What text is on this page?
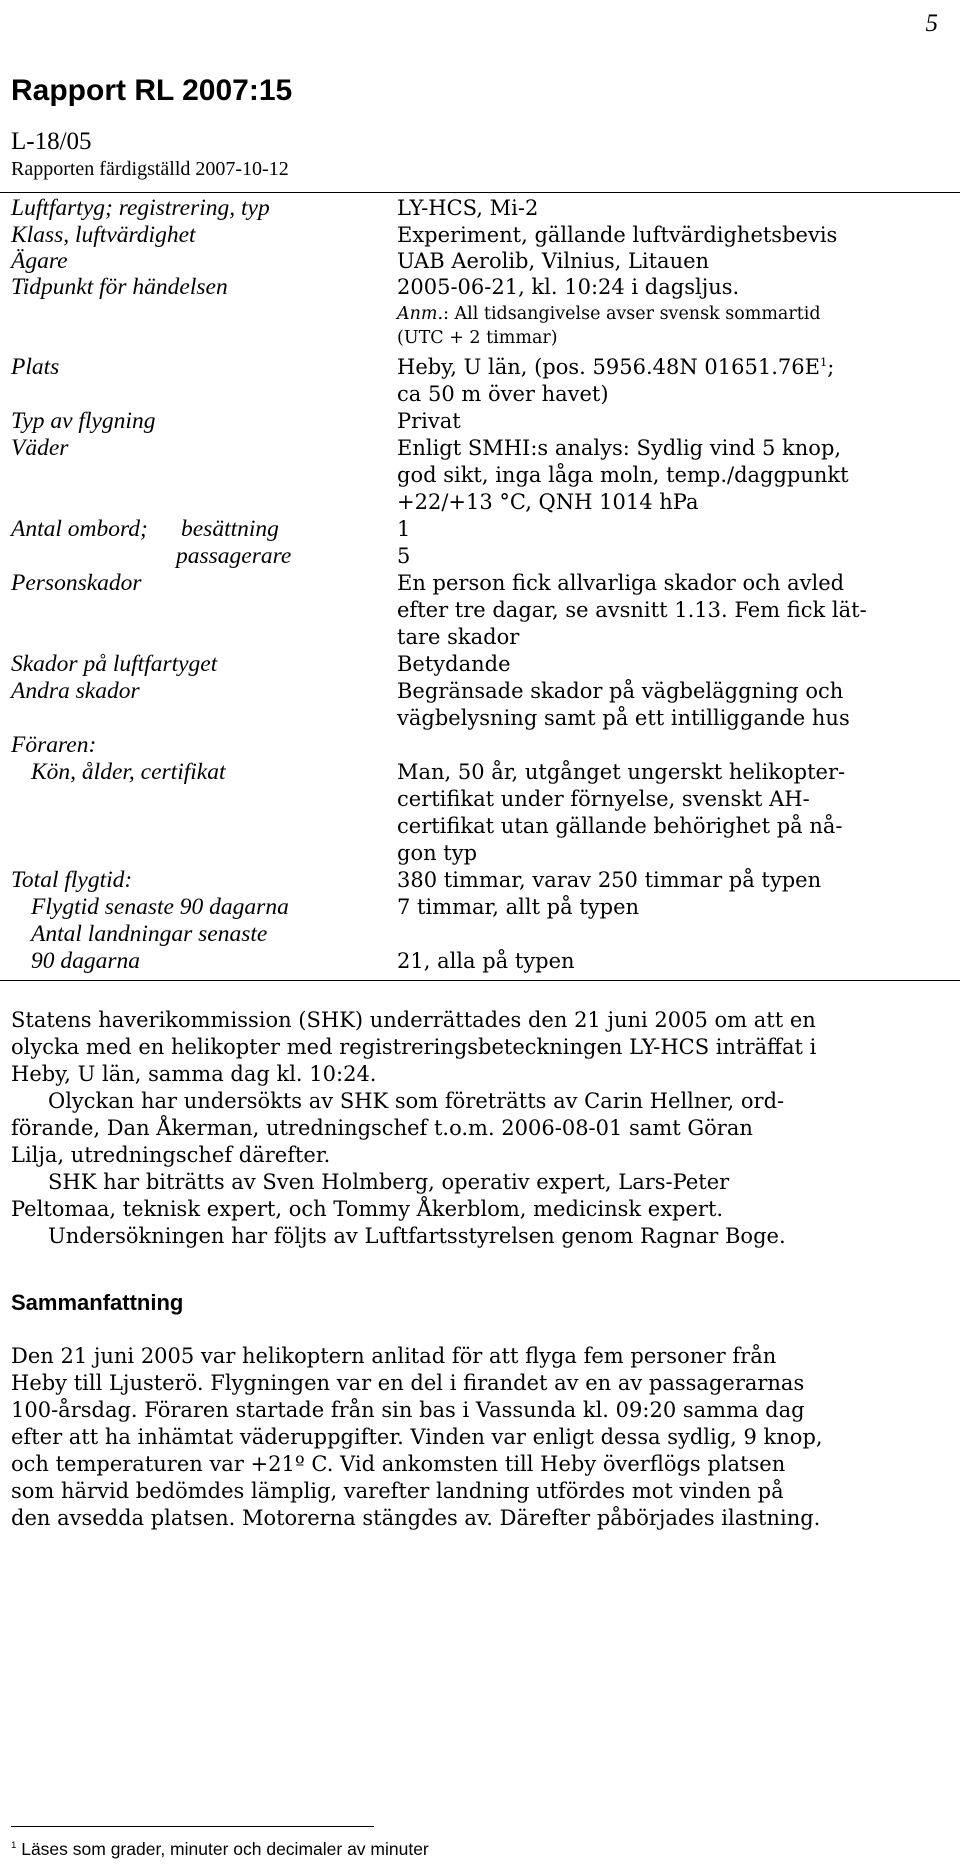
5
Rapport RL 2007:15
L-18/05
Rapporten färdigställd 2007-10-12
Luftfartyg; registrering, typ	LY-HCS, Mi-2
Klass, luftvärdighet	Experiment, gällande luftvärdighetsbevis
Ägare	UAB Aerolib, Vilnius, Litauen
Tidpunkt för händelsen	2005-06-21, kl. 10:24 i dagsljus.
Anm.: All tidsangivelse avser svensk sommartid
(UTC + 2 timmar)
Plats	Heby, U län, (pos. 5956.48N $01651.76E^1$;
ca 50 m över havet)
Typ av flygning	Privat
Väder	Enligt SMHI:s analys: Sydlig vind 5 knop,
god sikt, inga låga moln, temp./daggpunkt
+22/+13 °C, QNH 1014 hPa
Antal ombord; besättning	1
passagerare	5
Personskador	En person fick allvarliga skador och avled
efter tre dagar, se avsnitt 1.13. Fem fick lät-
tare skador
Skador på luftfartyget	Betydande
Andra skador	Begränsade skador på vägbeläggning och
vägbelysning samt på ett intilliggande hus
Föraren:
Kön, ålder, certifikat	Man, 50 år, utgånget ungerskt helikopter-
certifikat under förnyelse, svenskt AH-
certifikat utan gällande behörighet på nå-
gon typ
Total flygtid:	380 timmar, varav 250 timmar på typen
Flygtid senaste 90 dagarna	7 timmar, allt på typen
Antal landningar senaste
90 dagarna	21, alla på typen
Statens haverikommission (SHK) underrättades den 21 juni 2005 om att en
olycka med en helikopter med registreringsbeteckningen LY-HCS inträffat i
Heby, U län, samma dag kl. 10:24.
Olyckan har undersökts av SHK som företrätts av Carin Hellner, ord-
förande, Dan Åkerman, utredningschef t.o.m. 2006-08-01 samt Göran
Lilja, utredningschef därefter.
SHK har biträtts av Sven Holmberg, operativ expert, Lars-Peter
Peltomaa, teknisk expert, och Tommy Åkerblom, medicinsk expert.
Undersökningen har följts av Luftfartsstyrelsen genom Ragnar Boge.
Sammanfattning
Den 21 juni 2005 var helikoptern anlitad för att flyga fem personer från
Heby till Ljusterö. Flygningen var en del i firandet av en av passagerarnas
100-årsdag. Föraren startade från sin bas i Vassunda kl. 09:20 samma dag
efter att ha inhämtat väderuppgifter. Vinden var enligt dessa sydlig, 9 knop,
och temperaturen var +21º C. Vid ankomsten till Heby överflögs platsen
som härvid bedömdes lämplig, varefter landning utfördes mot vinden på
den avsedda platsen. Motorerna stängdes av. Därefter påbörjades ilastning.
$^1$ Läses som grader, minuter och decimaler av minuter
